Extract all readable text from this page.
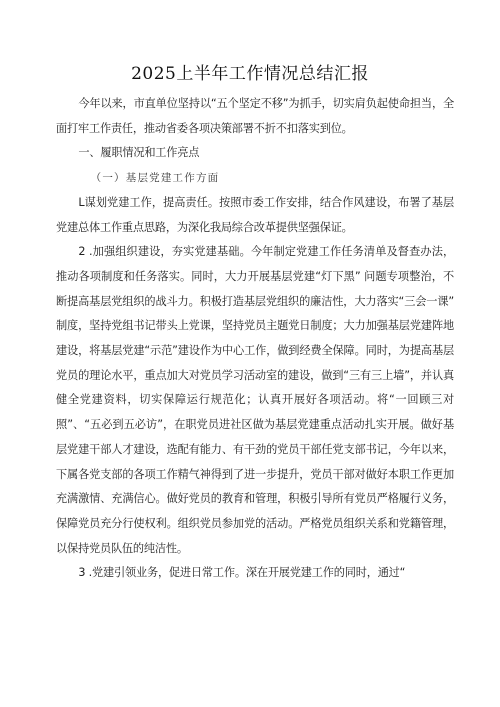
2025上半年工作情况总结汇报

今年以来，市直单位坚持以“五个坚定不移”为抓手，切实肩负起使命担当，全面打牢工作责任，推动省委各项决策部署不折不扣落实到位。

一、履职情况和工作亮点

（一）基层党建工作方面

L谋划党建工作，提高责任。按照市委工作安排，结合作风建设，布署了基层党建总体工作重点思路，为深化我局综合改革提供坚强保证。

2 .加强组织建设，夯实党建基础。今年制定党建工作任务清单及督查办法，推动各项制度和任务落实。同时，大力开展基层党建“灯下黑” 问题专项整治，不断提高基层党组织的战斗力。积极打造基层党组织的廉洁性，大力落实“三会一课” 制度，坚持党组书记带头上党课，坚持党员主题党日制度；大力加强基层党建阵地建设，将基层党建“示范”建设作为中心工作，做到经费全保障。同时，为提高基层党员的理论水平，重点加大对党员学习活动室的建设，做到“三有三上墙”，并认真健全党建资料，切实保障运行规范化；认真开展好各项活动。将“一回顾三对照”、“五必到五必访”，在职党员进社区做为基层党建重点活动扎实开展。做好基层党建干部人才建设，选配有能力、有干劲的党员干部任党支部书记，今年以来，下属各党支部的各项工作精气神得到了进一步提升，党员干部对做好本职工作更加充满激情、充满信心。做好党员的教育和管理，积极引导所有党员严格履行义务，保障党员充分行使权利。组织党员参加党的活动。严格党员组织关系和党籍管理，以保持党员队伍的纯洁性。

3 .党建引领业务，促进日常工作。深在开展党建工作的同时，通过“
